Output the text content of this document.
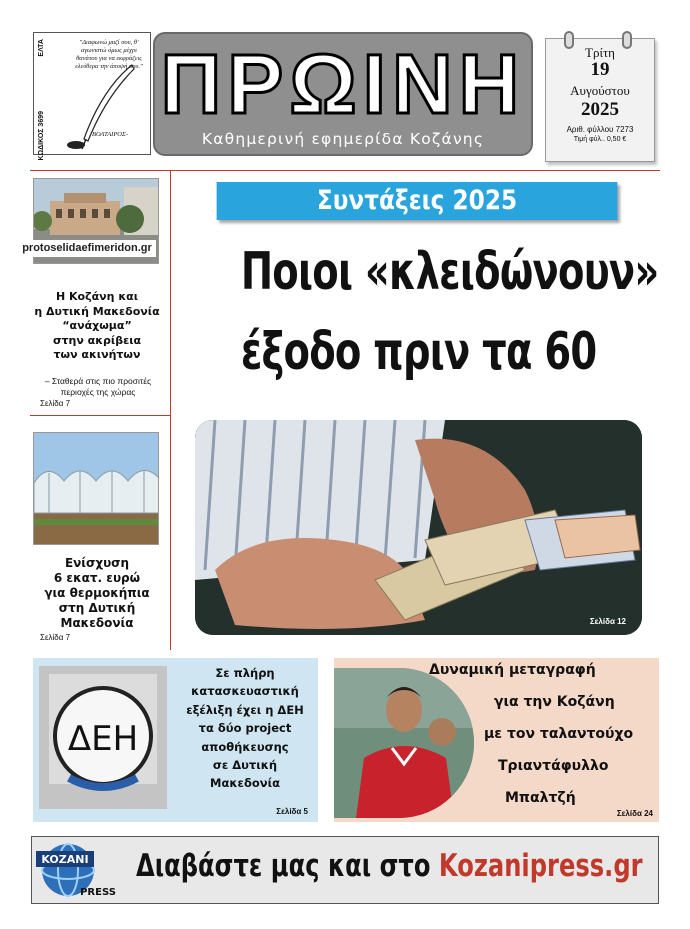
ΕΛΤΑ
ΚΩΔΙΚΟΣ 3699
"Διαφωνώ μαζί σου, θ' αγωνιστώ όμως μέχρι θανάτου για να εκφράζεις ελεύθερα την άποψή σου."
ΒΟΛΤΑΙΡΟΣ-
ΠΡΩΙΝΗ
Καθημερινή εφημερίδα Κοζάνης
Τρίτη
19
Αυγούστου
2025
Αριθ. φύλλου 7273
Τιμή φύλ.. 0,50 €
protoselidaefimeridon.gr
Η Κοζάνη και
η Δυτική Μακεδονία
“ανάχωμα”
στην ακρίβεια
των ακινήτων
– Σταθερά στις πιο προσιτές περιοχές της χώρας
Σελίδα 7
Ενίσχυση
6 εκατ. ευρώ
για θερμοκήπια
στη Δυτική
Μακεδονία
Σελίδα 7
Συντάξεις 2025
Ποιοι «κλειδώνουν»
έξοδο πριν τα 60
Σελίδα 12
ΔΕΗ
Σε πλήρη
κατασκευαστική
εξέλιξη έχει η ΔΕΗ
τα δύο project
αποθήκευσης
σε Δυτική
Μακεδονία
Σελίδα 5
Δυναμική μεταγραφή
για την Κοζάνη
με τον ταλαντούχο
Τριαντάφυλλο
Μπαλτζή
Σελίδα 24
KOZANI
PRESS
Διαβάστε μας και στο Kozanipress.gr
